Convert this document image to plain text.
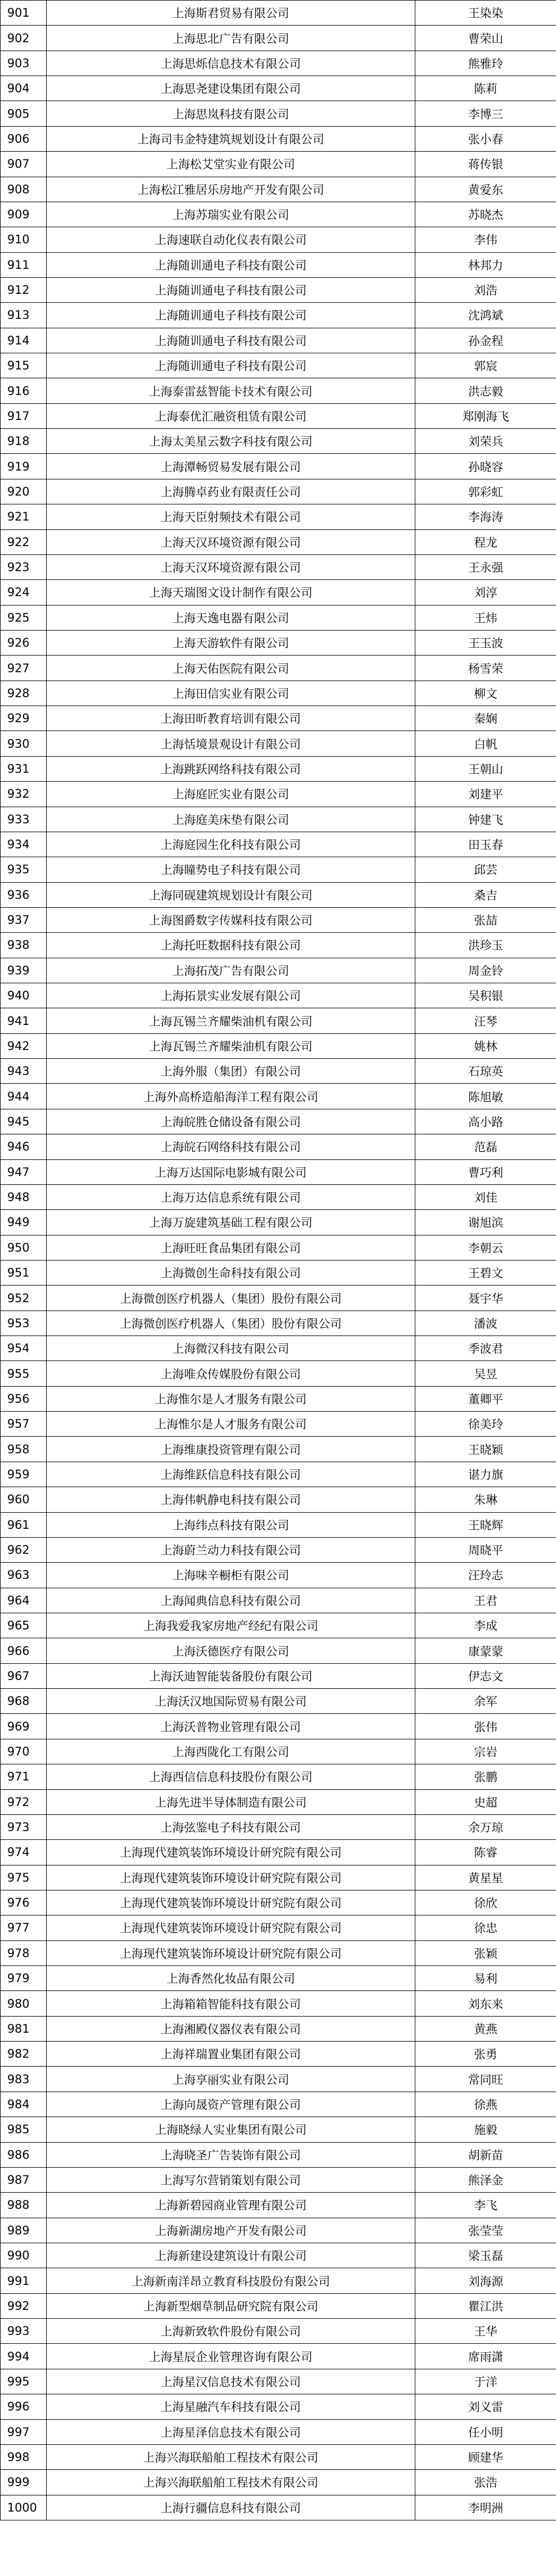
901	上海斯君贸易有限公司	王染染
902	上海思北广告有限公司	曹荣山
903	上海思烁信息技术有限公司	熊雅玲
904	上海思尧建设集团有限公司	陈莉
905	上海思岚科技有限公司	李博三
906	上海司韦金特建筑规划设计有限公司	张小春
907	上海松艾堂实业有限公司	蒋传银
908	上海松江雅居乐房地产开发有限公司	黄爱东
909	上海苏瑞实业有限公司	苏晓杰
910	上海速联自动化仪表有限公司	李伟
911	上海随训通电子科技有限公司	林邦力
912	上海随训通电子科技有限公司	刘浩
913	上海随训通电子科技有限公司	沈鸿斌
914	上海随训通电子科技有限公司	孙金程
915	上海随训通电子科技有限公司	郭宸
916	上海泰雷兹智能卡技术有限公司	洪志毅
917	上海泰优汇融资租赁有限公司	郑刚海飞
918	上海太美星云数字科技有限公司	刘荣兵
919	上海潭畅贸易发展有限公司	孙晓容
920	上海腾卓药业有限责任公司	郭彩虹
921	上海天臣射频技术有限公司	李海涛
922	上海天汉环境资源有限公司	程龙
923	上海天汉环境资源有限公司	王永强
924	上海天瑞图文设计制作有限公司	刘淳
925	上海天逸电器有限公司	王炜
926	上海天游软件有限公司	王玉波
927	上海天佑医院有限公司	杨雪荣
928	上海田信实业有限公司	柳文
929	上海田昕教育培训有限公司	秦娴
930	上海恬境景观设计有限公司	白帆
931	上海跳跃网络科技有限公司	王朝山
932	上海庭匠实业有限公司	刘建平
933	上海庭美床垫有限公司	钟建飞
934	上海庭园生化科技有限公司	田玉春
935	上海瞳势电子科技有限公司	邱芸
936	上海同砚建筑规划设计有限公司	桑吉
937	上海图爵数字传媒科技有限公司	张喆
938	上海托旺数据科技有限公司	洪珍玉
939	上海拓茂广告有限公司	周金铃
940	上海拓景实业发展有限公司	吴积银
941	上海瓦锡兰齐耀柴油机有限公司	汪琴
942	上海瓦锡兰齐耀柴油机有限公司	姚林
943	上海外服（集团）有限公司	石琼英
944	上海外高桥造船海洋工程有限公司	陈旭敏
945	上海皖胜仓储设备有限公司	高小路
946	上海皖石网络科技有限公司	范磊
947	上海万达国际电影城有限公司	曹巧利
948	上海万达信息系统有限公司	刘佳
949	上海万旋建筑基础工程有限公司	谢旭滨
950	上海旺旺食品集团有限公司	李朝云
951	上海微创生命科技有限公司	王碧文
952	上海微创医疗机器人（集团）股份有限公司	聂宇华
953	上海微创医疗机器人（集团）股份有限公司	潘波
954	上海微汉科技有限公司	季波君
955	上海唯众传媒股份有限公司	吴昱
956	上海惟尔是人才服务有限公司	董卿平
957	上海惟尔是人才服务有限公司	徐美玲
958	上海维康投资管理有限公司	王晓颖
959	上海维跃信息科技有限公司	谌力旗
960	上海伟帆静电科技有限公司	朱琳
961	上海纬点科技有限公司	王晓辉
962	上海蔚兰动力科技有限公司	周晓平
963	上海味辛橱柜有限公司	汪玲志
964	上海闻典信息科技有限公司	王君
965	上海我爱我家房地产经纪有限公司	李成
966	上海沃德医疗有限公司	康蒙蒙
967	上海沃迪智能装备股份有限公司	伊志文
968	上海沃汉地国际贸易有限公司	余军
969	上海沃普物业管理有限公司	张伟
970	上海西陇化工有限公司	宗岩
971	上海西信信息科技股份有限公司	张鹏
972	上海先进半导体制造有限公司	史超
973	上海弦鉴电子科技有限公司	余万琼
974	上海现代建筑装饰环境设计研究院有限公司	陈睿
975	上海现代建筑装饰环境设计研究院有限公司	黄星星
976	上海现代建筑装饰环境设计研究院有限公司	徐欣
977	上海现代建筑装饰环境设计研究院有限公司	徐忠
978	上海现代建筑装饰环境设计研究院有限公司	张颖
979	上海香然化妆品有限公司	易利
980	上海箱箱智能科技有限公司	刘东来
981	上海湘殿仪器仪表有限公司	黄燕
982	上海祥瑞置业集团有限公司	张勇
983	上海享丽实业有限公司	常同旺
984	上海向晟资产管理有限公司	徐燕
985	上海晓绿人实业集团有限公司	施毅
986	上海晓圣广告装饰有限公司	胡新苗
987	上海写尔营销策划有限公司	熊泽金
988	上海新碧园商业管理有限公司	李飞
989	上海新湖房地产开发有限公司	张莹莹
990	上海新建设建筑设计有限公司	梁玉磊
991	上海新南洋昂立教育科技股份有限公司	刘海源
992	上海新型烟草制品研究院有限公司	瞿江洪
993	上海新致软件股份有限公司	王华
994	上海星辰企业管理咨询有限公司	席雨潇
995	上海星汉信息技术有限公司	于洋
996	上海星融汽车科技有限公司	刘义雷
997	上海星泽信息技术有限公司	任小明
998	上海兴海联船舶工程技术有限公司	顾建华
999	上海兴海联船舶工程技术有限公司	张浩
1000	上海行疆信息科技有限公司	李明洲
